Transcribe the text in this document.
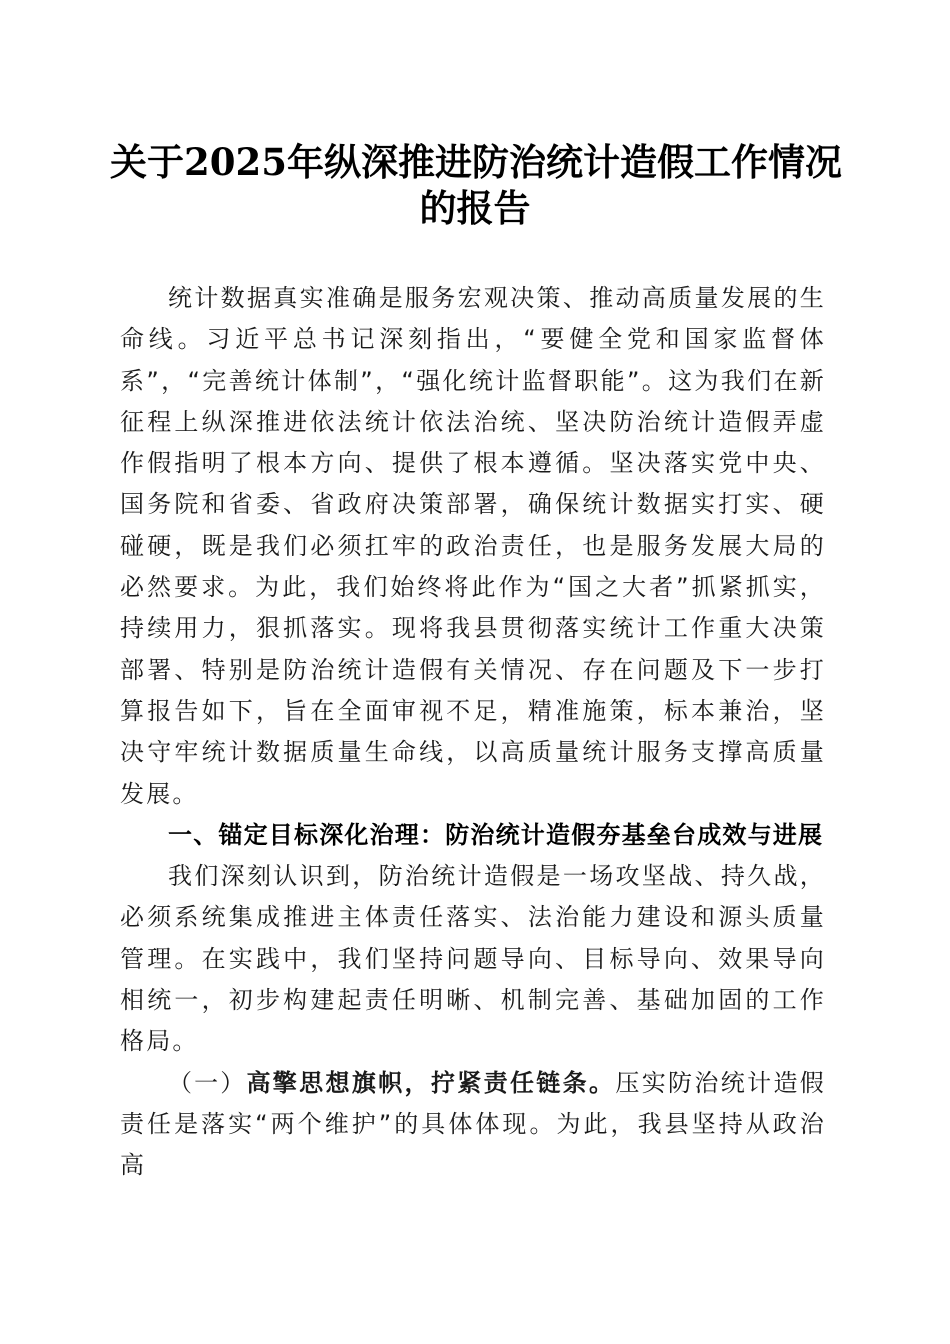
关于2025年纵深推进防治统计造假工作情况
的报告

统计数据真实准确是服务宏观决策、推动高质量发展的生命线。习近平总书记深刻指出，“要健全党和国家监督体系”，“完善统计体制”，“强化统计监督职能”。这为我们在新征程上纵深推进依法统计依法治统、坚决防治统计造假弄虚作假指明了根本方向、提供了根本遵循。坚决落实党中央、国务院和省委、省政府决策部署，确保统计数据实打实、硬碰硬，既是我们必须扛牢的政治责任，也是服务发展大局的必然要求。为此，我们始终将此作为“国之大者”抓紧抓实，持续用力，狠抓落实。现将我县贯彻落实统计工作重大决策部署、特别是防治统计造假有关情况、存在问题及下一步打算报告如下，旨在全面审视不足，精准施策，标本兼治，坚决守牢统计数据质量生命线，以高质量统计服务支撑高质量发展。

一、锚定目标深化治理：防治统计造假夯基垒台成效与进展

我们深刻认识到，防治统计造假是一场攻坚战、持久战，必须系统集成推进主体责任落实、法治能力建设和源头质量管理。在实践中，我们坚持问题导向、目标导向、效果导向相统一，初步构建起责任明晰、机制完善、基础加固的工作格局。

（一）高擎思想旗帜，拧紧责任链条。压实防治统计造假责任是落实“两个维护”的具体体现。为此，我县坚持从政治高
